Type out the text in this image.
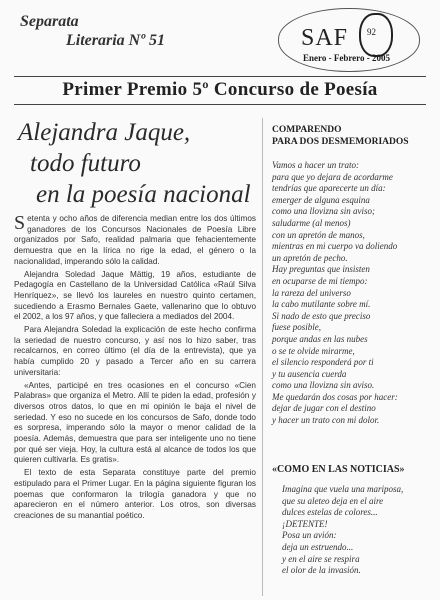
Separata
Literaria Nº 51	SAF 92
Enero - Febrero - 2005
Primer Premio 5º Concurso de Poesía
Alejandra Jaque,
todo futuro
en la poesía nacional

Setenta y ocho años de diferencia median entre los dos últimos ganadores de los Concursos Nacionales de Poesía Libre organizados por Safo, realidad palmaria que fehacientemente demuestra que en la lírica no rige la edad, el género o la nacionalidad, imperando sólo la calidad.

Alejandra Soledad Jaque Mättig, 19 años, estudiante de Pedagogía en Castellano de la Universidad Católica «Raúl Silva Henríquez», se llevó los laureles en nuestro quinto certamen, sucediendo a Erasmo Bernales Gaete, vallenarino que lo obtuvo el 2002, a los 97 años, y que falleciera a mediados del 2004.

Para Alejandra Soledad la explicación de este hecho confirma la seriedad de nuestro concurso, y así nos lo hizo saber, tras recalcarnos, en correo último (el día de la entrevista), que ya había cumplido 20 y pasado a Tercer año en su carrera universitaria:

«Antes, participé en tres ocasiones en el concurso «Cien Palabras» que organiza el Metro. Allí te piden la edad, profesión y diversos otros datos, lo que en mi opinión le baja el nivel de seriedad. Y eso no sucede en los concursos de Safo, donde todo es sorpresa, imperando sólo la mayor o menor calidad de la poesía. Además, demuestra que para ser inteligente uno no tiene por qué ser vieja. Hoy, la cultura está al alcance de todos los que quieren cultivarla. Es gratis».

El texto de esta Separata constituye parte del premio estipulado para el Primer Lugar. En la página siguiente figuran los poemas que conformaron la trilogía ganadora y que no aparecieron en el número anterior. Los otros, son diversas creaciones de su manantial poético.

COMPARENDO
PARA DOS DESMEMORIADOS
Vamos a hacer un trato:
para que yo dejara de acordarme
tendrías que aparecerte un día:
emerger de alguna esquina
como una llovizna sin aviso;
saludarme (al menos)
con un apretón de manos,
mientras en mi cuerpo va doliendo
un apretón de pecho.
Hay preguntas que insisten
en ocuparse de mi tiempo:
la rareza del universo
la cabo mutilante sobre mí.
Si nado de esto que preciso
fuese posible,
porque andas en las nubes
o se te olvide mirarme,
el silencio responderá por ti
y tu ausencia cuerda
como una llovizna sin aviso.
Me quedarán dos cosas por hacer:
dejar de jugar con el destino
y hacer un trato con mi dolor.
«COMO EN LAS NOTICIAS»
Imagina que vuela una mariposa,
que su aleteo deja en el aire
dulces estelas de colores...
¡DETENTE!
Posa un avión:
deja un estruendo...
y en el aire se respira
el olor de la invasión.
